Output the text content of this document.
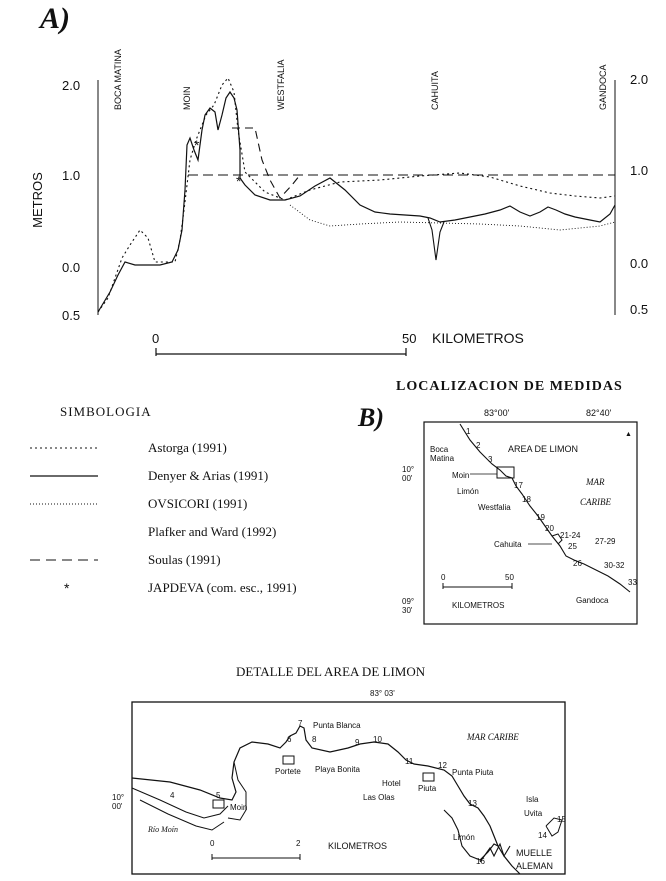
A)
METROS
2.0
1.0
0.0
0.5
2.0
1.0
0.0
0.5
BOCA MATINA	MOIN	WESTFALIA	CAHUITA	GANDOCA
*
*
0	50 KILOMETROS
SIMBOLOGIA
Astorga (1991)
Denyer & Arias (1991)
OVSICORI (1991)
Plafker and Ward (1992)
Soulas (1991)
*	JAPDEVA (com. esc., 1991)
LOCALIZACION DE MEDIDAS
B)	83°00'	82°40'
10° 00'
09° 30'
AREA DE LIMON
MAR CARIBE
▲
Boca Matina
Moin
Limón
Westfalia
Cahuita
Gandoca
1
2
3
17
18
19
20
21-24
25
26
27-29
30-32
33
0	50
KILOMETROS
DETALLE DEL AREA DE LIMON
83° 03'
10° 00'
7 Punta Blanca
6	8	9 10
Portete Playa Bonita
11
Hotel
Las Olas
12
Punta Piuta
Piuta
13
MAR CARIBE
4	5
Moin
Río Moín
0	2	KILOMETROS
Limón
16
Isla
Uvita
14
15
MUELLE
ALEMAN
